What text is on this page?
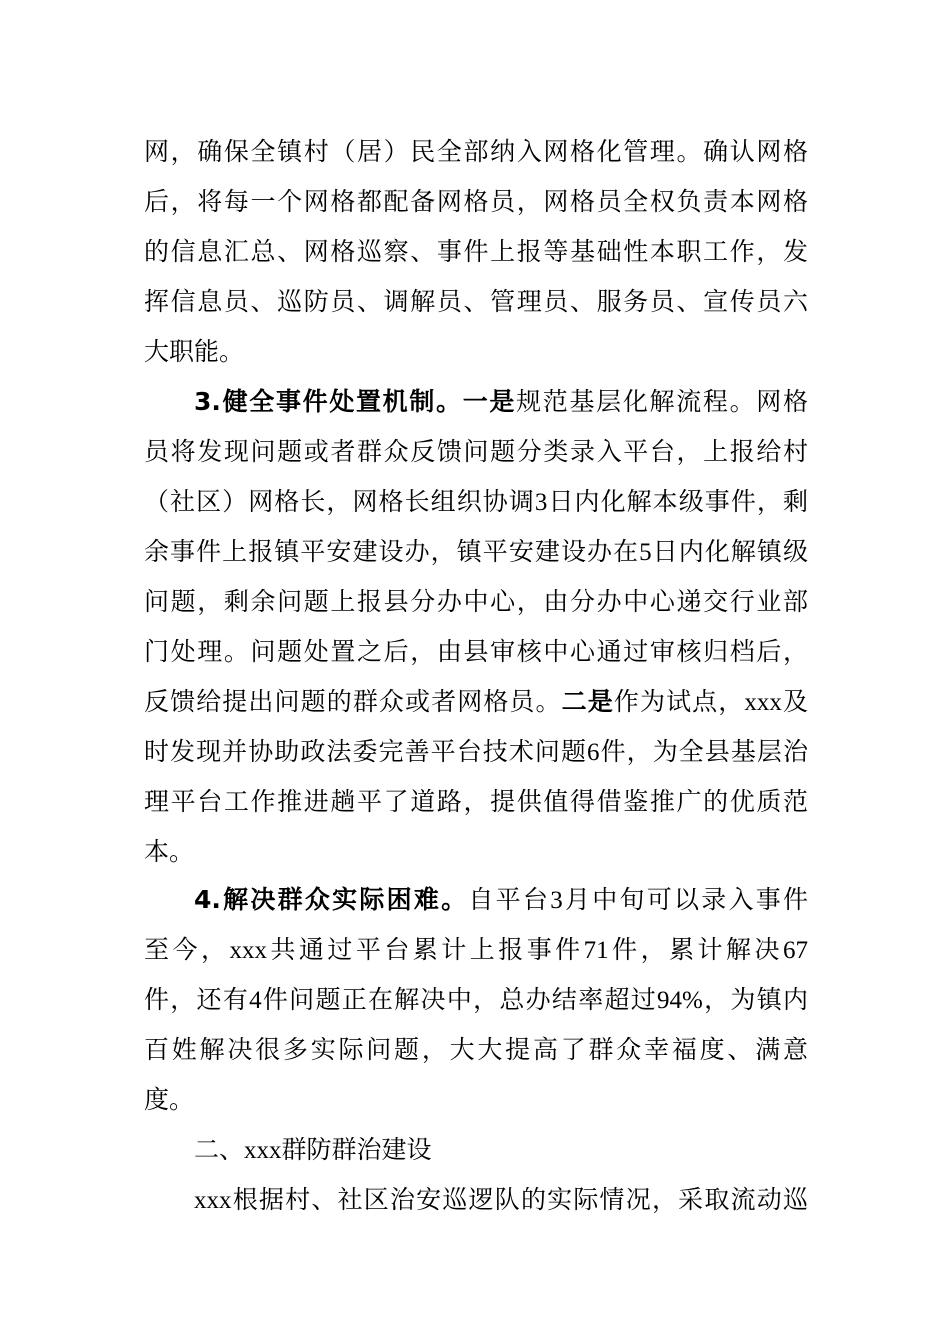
网，确保全镇村（居）民全部纳入网格化管理。确认网格
后，将每一个网格都配备网格员，网格员全权负责本网格
的信息汇总、网格巡察、事件上报等基础性本职工作，发
挥信息员、巡防员、调解员、管理员、服务员、宣传员六
大职能。
3.健全事件处置机制。一是规范基层化解流程。网格
员将发现问题或者群众反馈问题分类录入平台，上报给村
（社区）网格长，网格长组织协调3日内化解本级事件，剩
余事件上报镇平安建设办，镇平安建设办在5日内化解镇级
问题，剩余问题上报县分办中心，由分办中心递交行业部
门处理。问题处置之后，由县审核中心通过审核归档后，
反馈给提出问题的群众或者网格员。二是作为试点，xxx及
时发现并协助政法委完善平台技术问题6件，为全县基层治
理平台工作推进趟平了道路，提供值得借鉴推广的优质范
本。
4.解决群众实际困难。自平台3月中旬可以录入事件
至今，xxx共通过平台累计上报事件71件，累计解决67
件，还有4件问题正在解决中，总办结率超过94%，为镇内
百姓解决很多实际问题，大大提高了群众幸福度、满意
度。
二、xxx群防群治建设
xxx根据村、社区治安巡逻队的实际情况，采取流动巡
